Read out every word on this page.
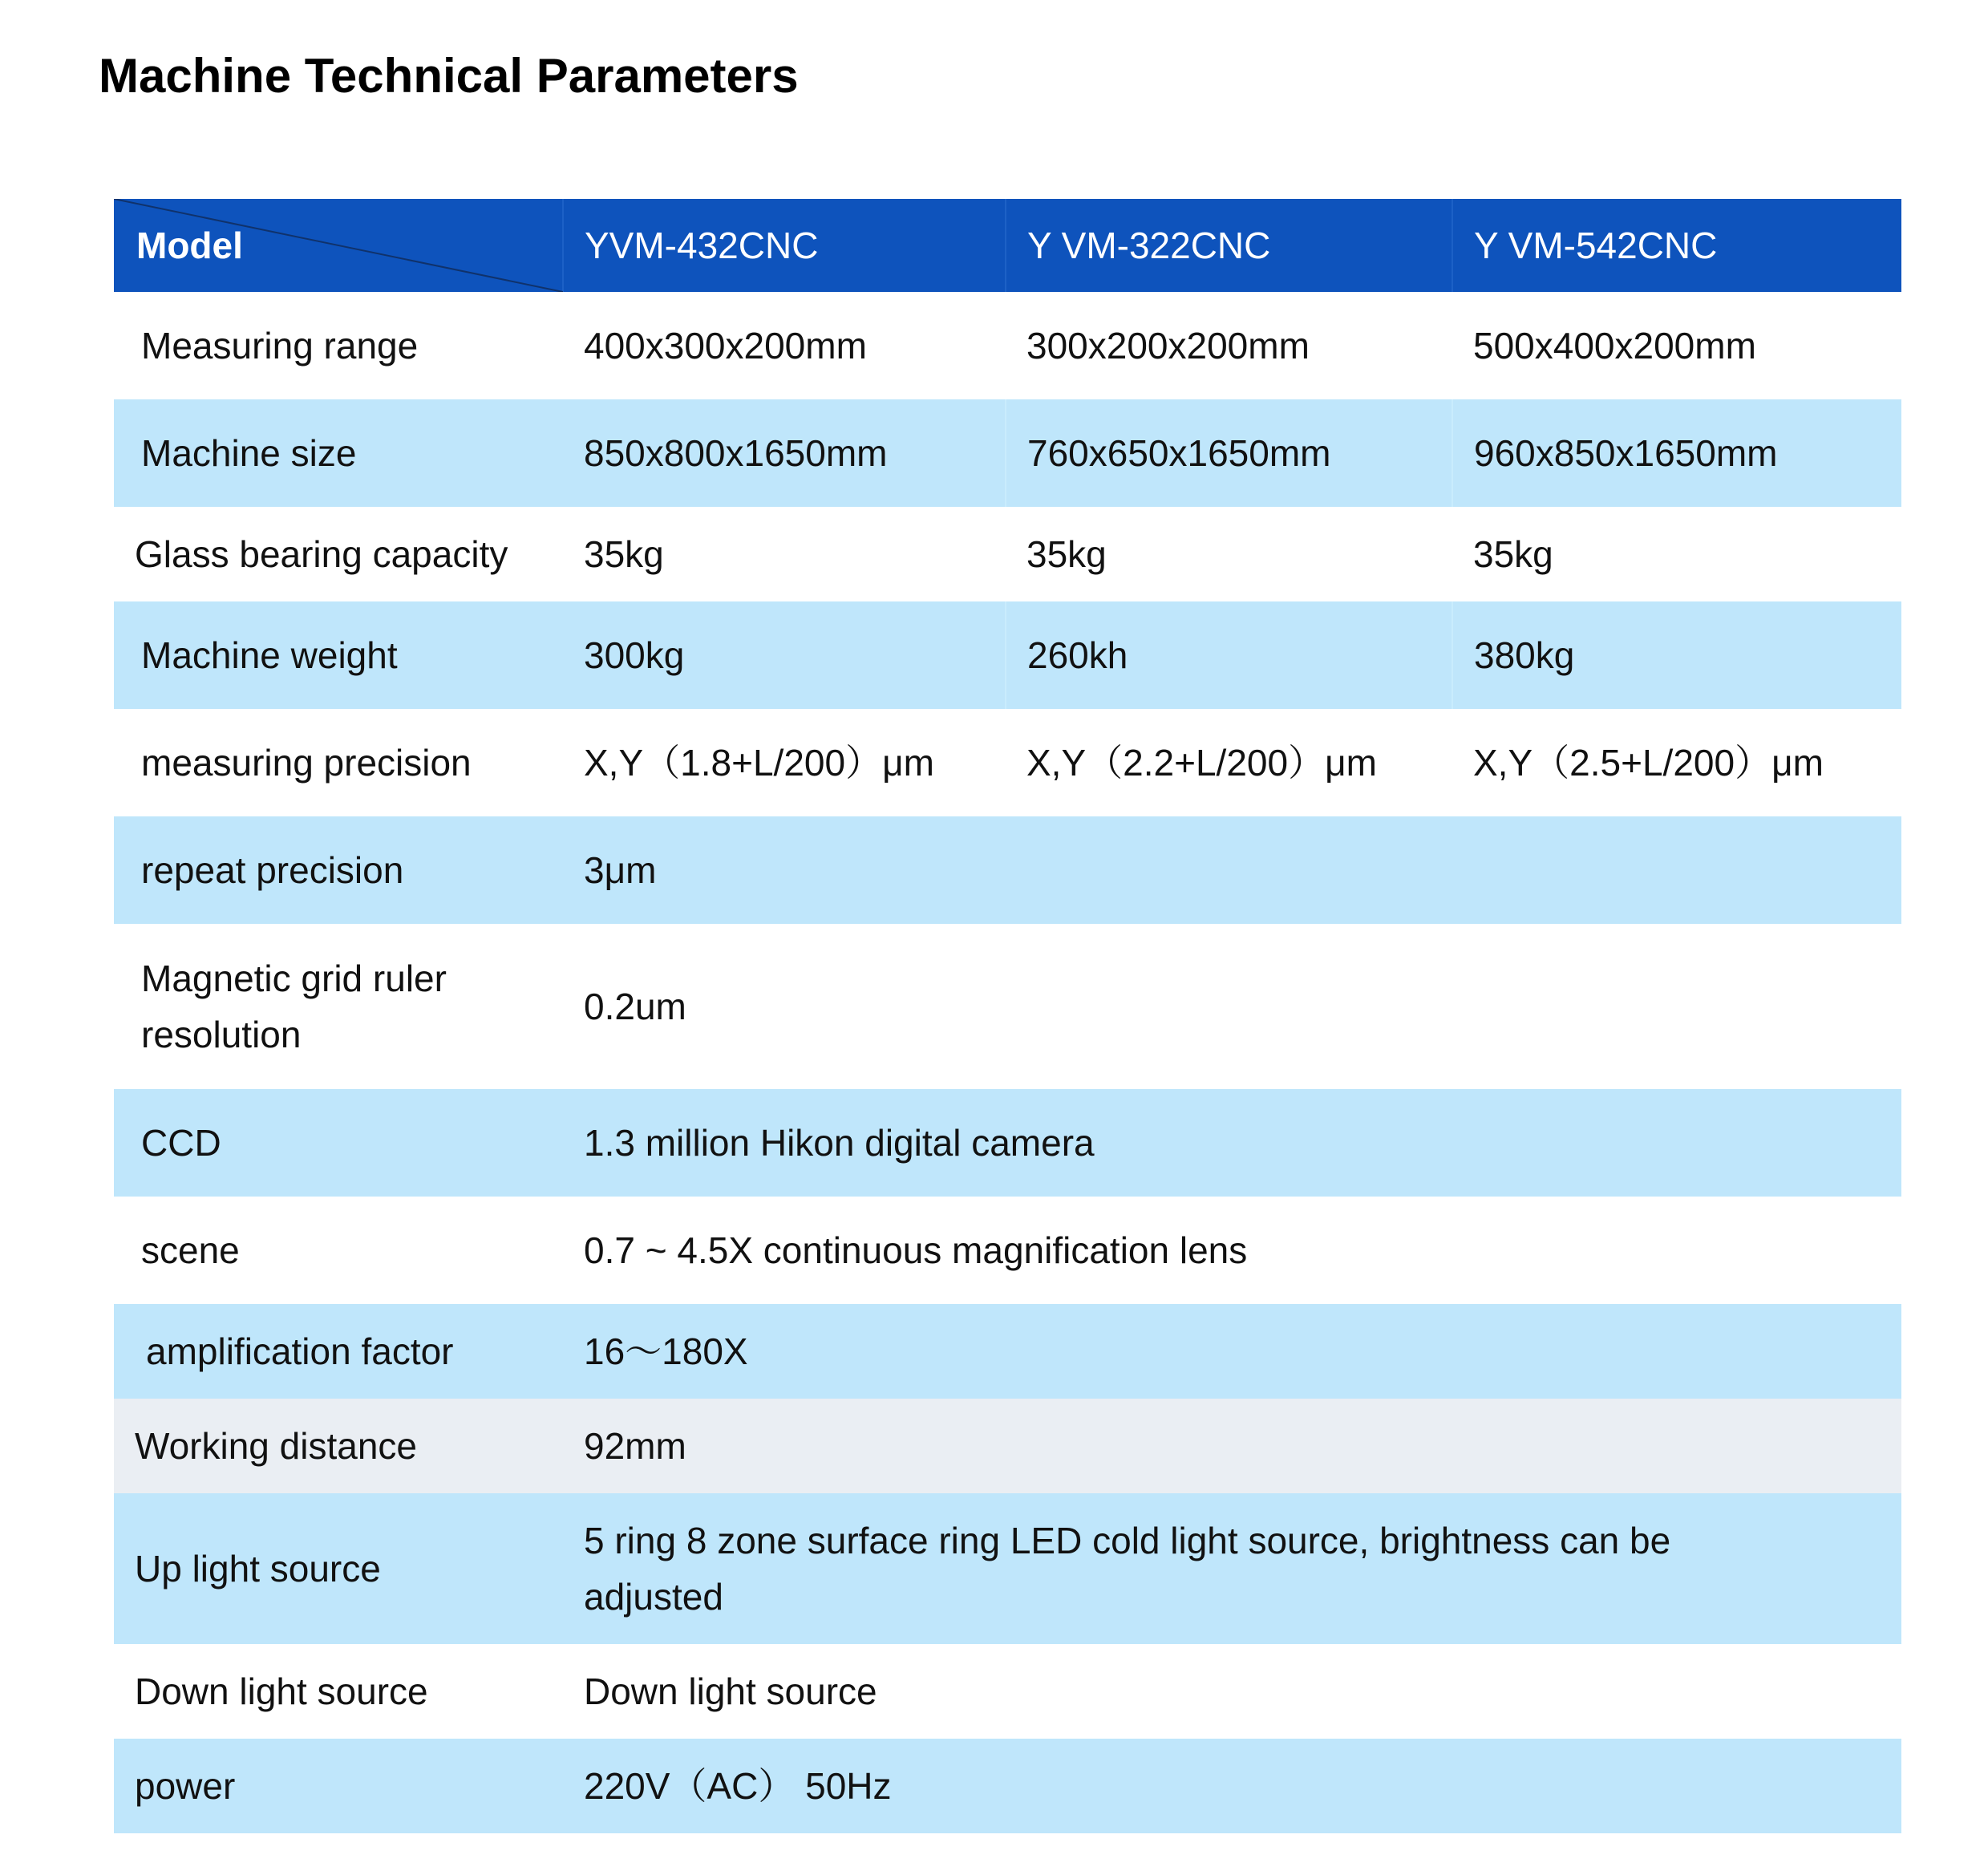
Machine Technical Parameters
Model	YVM-432CNC	Y VM-322CNC	Y VM-542CNC
Measuring range	400x300x200mm	300x200x200mm	500x400x200mm
Machine size	850x800x1650mm	760x650x1650mm	960x850x1650mm
Glass bearing capacity	35kg	35kg	35kg
Machine weight	300kg	260kh	380kg
measuring precision	X,Y（1.8+L/200）μm	X,Y（2.2+L/200）μm	X,Y（2.5+L/200）μm
repeat precision	3μm		

Magnetic grid ruler
resolution	0.2um		
CCD	1.3 million Hikon digital camera		
scene	0.7 ~ 4.5X continuous magnification lens		
amplification factor	16～180X		
Working distance	92mm		
Up light source	5 ring 8 zone surface ring LED cold light source, brightness can be
adjusted		

Down light source	Down light source		
power	220V（AC） 50Hz		
